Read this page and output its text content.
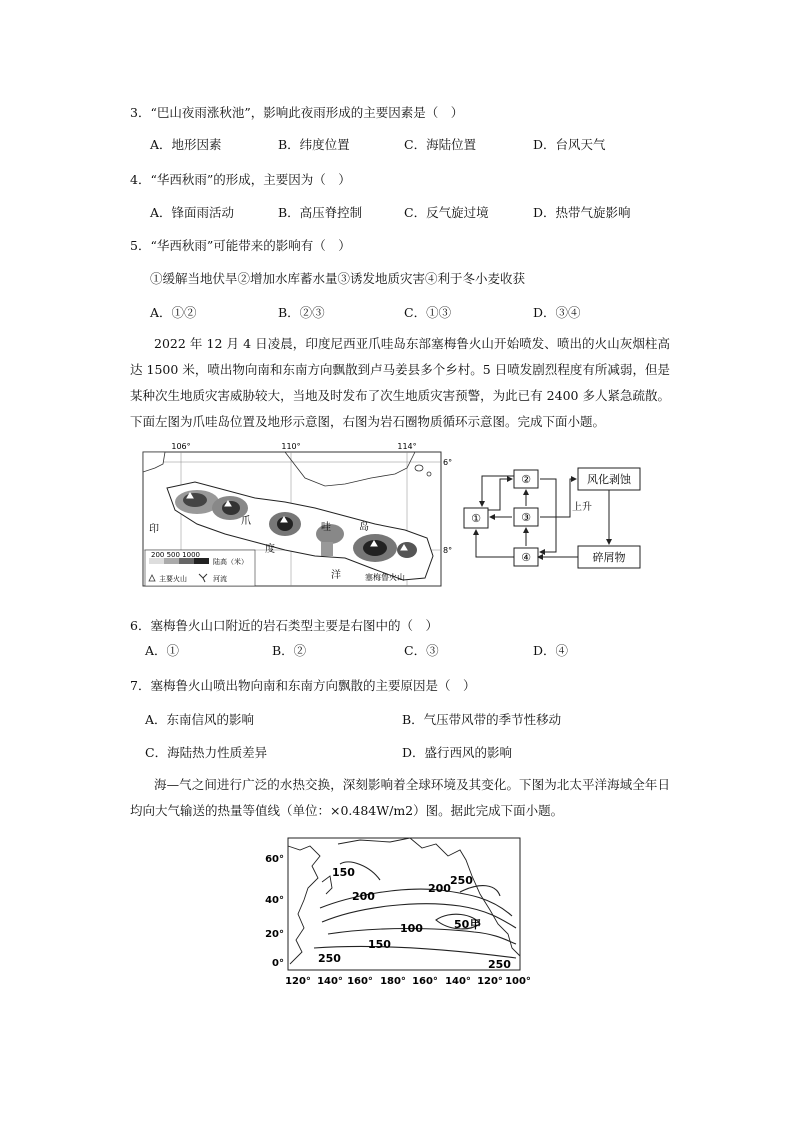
3．“巴山夜雨涨秋池”，影响此夜雨形成的主要因素是（　）
A．地形因素	B．纬度位置	C．海陆位置	D．台风天气
4．“华西秋雨”的形成，主要因为（　）
A．锋面雨活动	B．高压脊控制	C．反气旋过境	D．热带气旋影响
5．“华西秋雨”可能带来的影响有（　）
①缓解当地伏旱②增加水库蓄水量③诱发地质灾害④利于冬小麦收获
A．①②	B．②③	C．①③	D．③④
2022 年 12 月 4 日凌晨，印度尼西亚爪哇岛东部塞梅鲁火山开始喷发、喷出的火山灰烟柱高达 1500 米，喷出物向南和东南方向飘散到卢马姜县多个乡村。5 日喷发剧烈程度有所减弱，但是某种次生地质灾害威胁较大，当地及时发布了次生地质灾害预警，为此已有 2400 多人紧急疏散。下面左图为爪哇岛位置及地形示意图，右图为岩石圈物质循环示意图。完成下面小题。
106°	110°	114°
6°
8°
印
爪
哇	岛
度
洋	塞梅鲁火山
200 500 1000
陆高（米）
主要火山	河流
①
②
③
④
风化剥蚀
碎屑物
上升
6．塞梅鲁火山口附近的岩石类型主要是右图中的（　）
A．①	B．②	C．③	D．④
7．塞梅鲁火山喷出物向南和东南方向飘散的主要原因是（　）
A．东南信风的影响	B．气压带风带的季节性移动
C．海陆热力性质差异	D．盛行西风的影响
海—气之间进行广泛的水热交换，深刻影响着全球环境及其变化。下图为北太平洋海域全年日均向大气输送的热量等值线（单位：×0.484W/m2）图。据此完成下面小题。
60°
40°
20°
0°
120° 140° 160° 180° 160° 140° 120° 100°
150
200
250
100	50 甲
200
150
250	250
